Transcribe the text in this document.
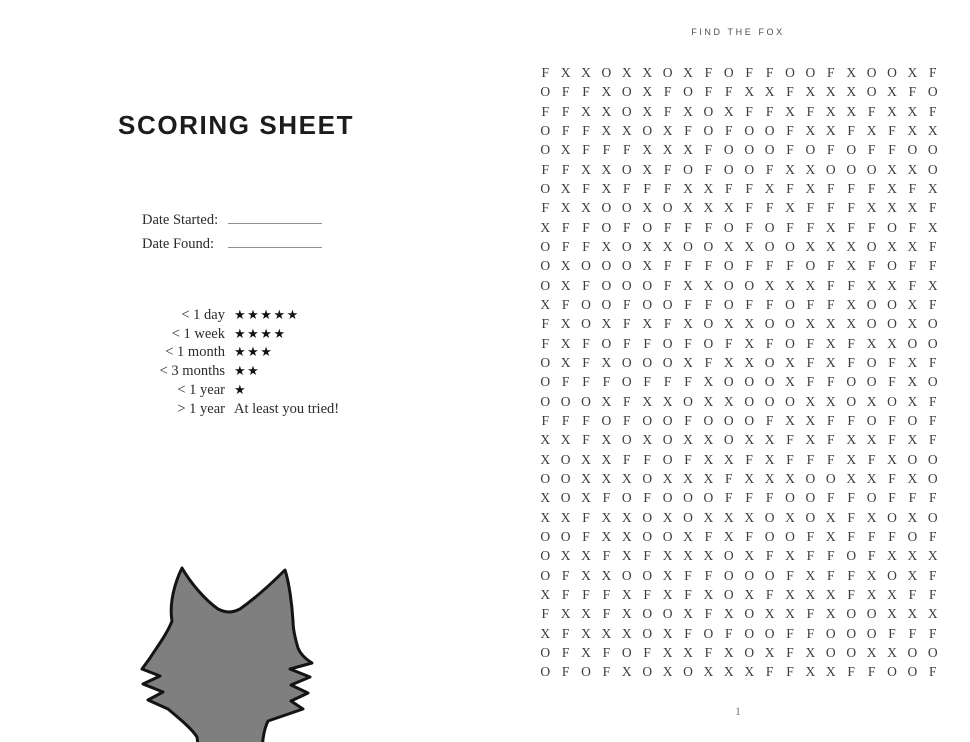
SCORING SHEET
Date Started:
Date Found:
< 1 day ★★★★★
< 1 week ★★★★
< 1 month ★★★
< 3 months ★★
< 1 year ★
> 1 year At least you tried!
FIND THE FOX
F X X O X X O X F O F F O O F X O O X F
O F F X O X F O F F X X F X X X O X F O
F F X X O X F X O X F F X F X X F X X F
O F F X X O X F O F O O F X X F X F X X
O X F F F X X X F O O O F O F O F F O O
F F X X O X F O F O O F X X O O O X X O
O X F X F F F X X F F X F X F F F X F X
F X X O O X O X X X F F X F F F X X X F
X F F O F O F F F O F O F F X F F O F X
O F F X O X X O O X X O O X X X O X X F
O X O O O X F F F O F F F O F X F O F F
O X F O O O F X X O O X X X F F X X F X
X F O O F O O F F O F F O F F X O O X F
F X O X F X F X O X X O O X X X O O X O
F X F O F F O F O F X F O F X F X X O O
O X F X O O O X F X X O X F X F O F X F
O F F F O F F F X O O O X F F O O F X O
O O O X F X X O X X O O O X X O X O X F
F F F O F O O F O O O F X X F F O F O F
X X F X O X O X X O X X F X F X X F X F
X O X X F F O F X X F X F F F X F X O O
O O X X X O X X X F X X X O O X X F X O
X O X F O F O O O F F F O O F F O F F F
X X F X X O X O X X X O X O X F X O X O
O O F X X O O X F X F O O F X F F F O F
O X X F X F X X X O X F X F F O F X X X
O F X X O O X F F O O O F X F F X O X F
X F F F X F X F X O X F X X X F X X F F
F X X F X O O X F X O X X F X O O X X X
X F X X X O X F O F O O F F O O O F F F
O F X F O F X X F X O X F X O O X X O O
O F O F X O X O X X X F F X X F F O O F
1
